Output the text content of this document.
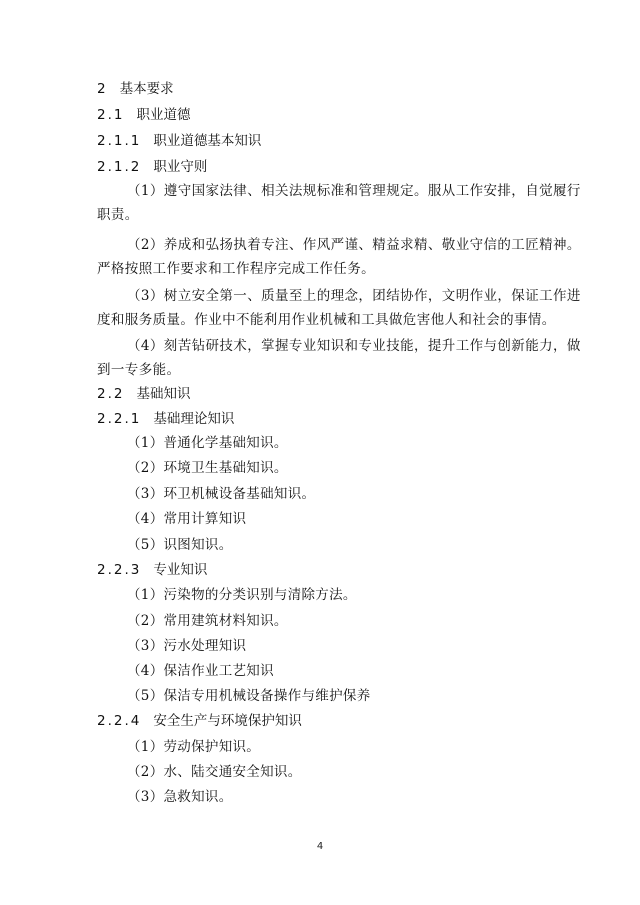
2 基本要求
2.1 职业道德
2.1.1 职业道德基本知识
2.1.2 职业守则
（1）遵守国家法律、相关法规标准和管理规定。服从工作安排，自觉履行
职责。
（2）养成和弘扬执着专注、作风严谨、精益求精、敬业守信的工匠精神。
严格按照工作要求和工作程序完成工作任务。
（3）树立安全第一、质量至上的理念，团结协作，文明作业，保证工作进
度和服务质量。作业中不能利用作业机械和工具做危害他人和社会的事情。
（4）刻苦钻研技术，掌握专业知识和专业技能，提升工作与创新能力，做
到一专多能。
2.2 基础知识
2.2.1 基础理论知识
（1）普通化学基础知识。
（2）环境卫生基础知识。
（3）环卫机械设备基础知识。
（4）常用计算知识
（5）识图知识。
2.2.3 专业知识
（1）污染物的分类识别与清除方法。
（2）常用建筑材料知识。
（3）污水处理知识
（4）保洁作业工艺知识
（5）保洁专用机械设备操作与维护保养
2.2.4 安全生产与环境保护知识
（1）劳动保护知识。
（2）水、陆交通安全知识。
（3）急救知识。
4
